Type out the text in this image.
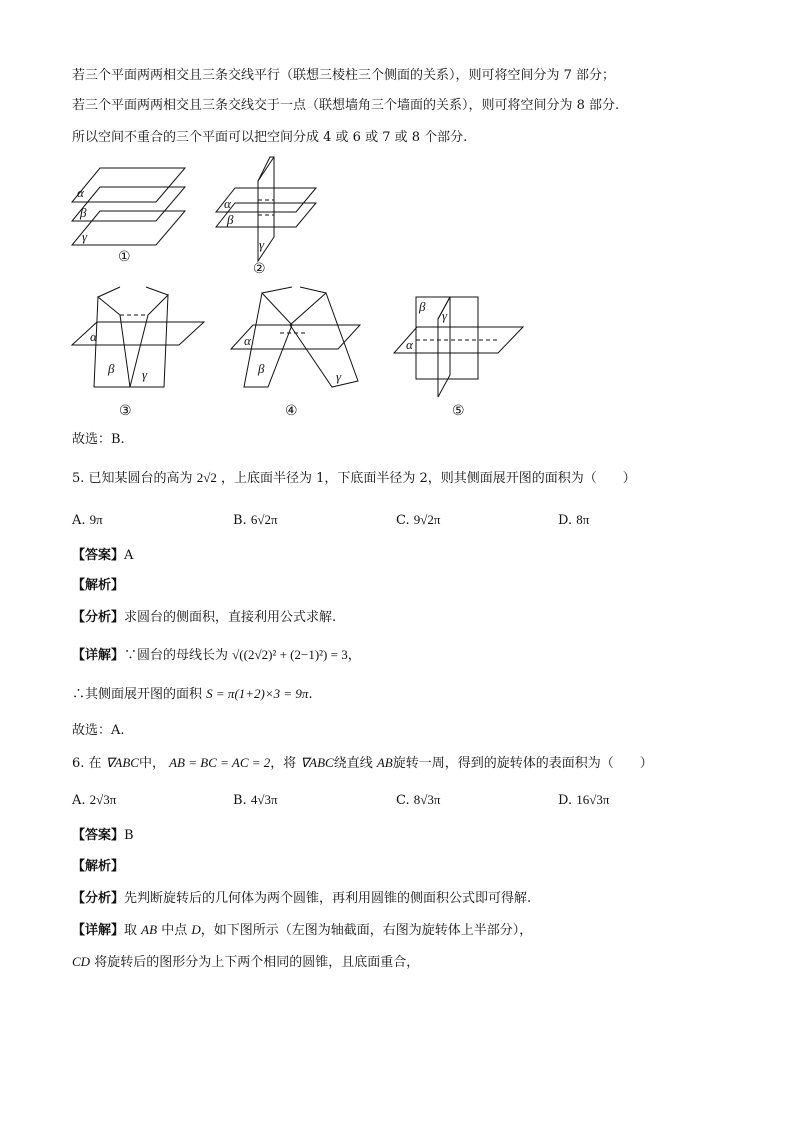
若三个平面两两相交且三条交线平行（联想三棱柱三个侧面的关系），则可将空间分为 7 部分；
若三个平面两两相交且三条交线交于一点（联想墙角三个墙面的关系），则可将空间分为 8 部分.
所以空间不重合的三个平面可以把空间分成 4 或 6 或 7 或 8 个部分.
α
β
γ
①
α
β
γ
②
α
β γ
③
α
β
γ
④
α
β
γ
⑤
故选：B.
5. 已知某圆台的高为 2√2 ，上底面半径为 1，下底面半径为 2，则其侧面展开图的面积为（　　）
A. 9π	B. 6√2π	C. 9√2π	D. 8π
【答案】A
【解析】
【分析】求圆台的侧面积，直接利用公式求解.
【详解】∵圆台的母线长为 √((2√2)² + (2−1)²) = 3，
∴其侧面展开图的面积 S = π(1+2)×3 = 9π.
故选：A.
6. 在 ∇ABC中， AB = BC = AC = 2，将 ∇ABC绕直线 AB旋转一周，得到的旋转体的表面积为（　　）
A. 2√3π	B. 4√3π	C. 8√3π	D. 16√3π
【答案】B
【解析】
【分析】先判断旋转后的几何体为两个圆锥，再利用圆锥的侧面积公式即可得解.
【详解】取 AB 中点 D，如下图所示（左图为轴截面，右图为旋转体上半部分），
CD 将旋转后的图形分为上下两个相同的圆锥，且底面重合，
